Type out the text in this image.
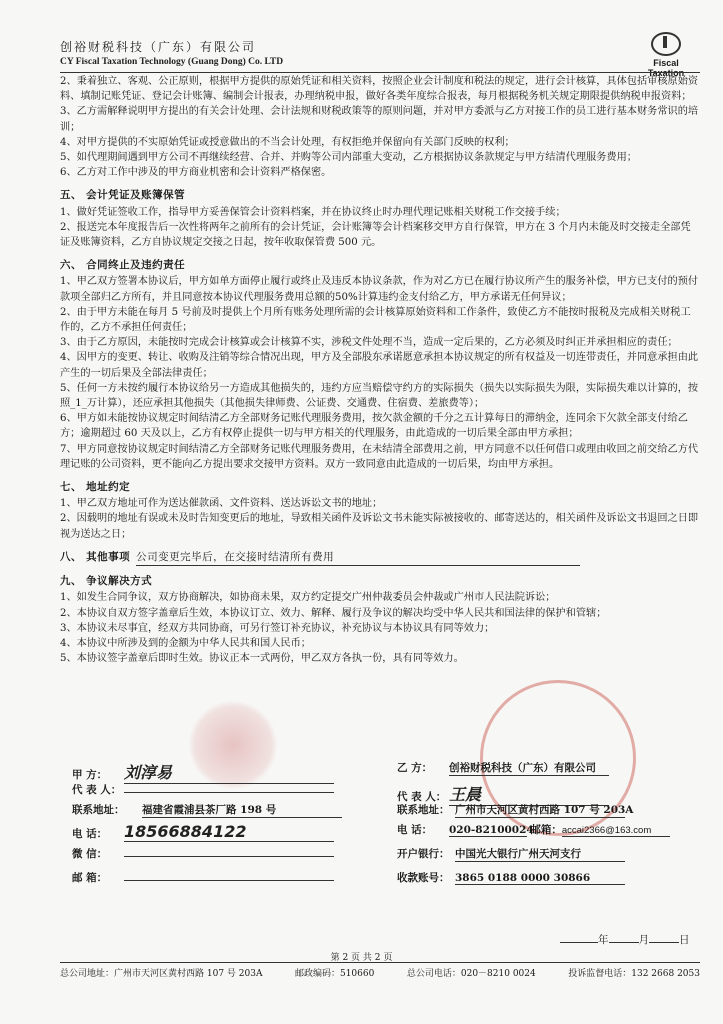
创裕财税科技（广东）有限公司
CY Fiscal Taxation Technology (Guang Dong) Co. LTD	Fiscal Taxation

2、秉着独立、客观、公正原则，根据甲方提供的原始凭证和相关资料，按照企业会计制度和税法的规定，进行会计核算，具体包括审核原始资料、填制记账凭证、登记会计账簿、编制会计报表，办理纳税申报，做好各类年度综合报表，每月根据税务机关规定期限提供纳税申报资料；

3、乙方需解释说明甲方提出的有关会计处理、会计法规和财税政策等的原则问题，并对甲方委派与乙方对接工作的员工进行基本财务常识的培训；

4、对甲方提供的不实原始凭证或授意做出的不当会计处理，有权拒绝并保留向有关部门反映的权利；

5、如代理期间遇到甲方公司不再继续经营、合并、并购等公司内部重大变动，乙方根据协议条款规定与甲方结清代理服务费用；

6、乙方对工作中涉及的甲方商业机密和会计资料严格保密。

五、 会计凭证及账簿保管

1、做好凭证签收工作，指导甲方妥善保管会计资料档案，并在协议终止时办理代理记账相关财税工作交接手续；

2、报送完本年度报告后一次性将两年之前所有的会计凭证，会计账簿等会计档案移交甲方自行保管，甲方在 3 个月内未能及时交接走全部凭证及账簿资料，乙方自协议规定交接之日起，按年收取保管费 500 元。

六、 合同终止及违约责任

1、甲乙双方签署本协议后，甲方如单方面停止履行或终止及违反本协议条款，作为对乙方已在履行协议所产生的服务补偿，甲方已支付的预付款项全部归乙方所有，并且同意按本协议代理服务费用总额的50%计算违约金支付给乙方，甲方承诺无任何异议；

2、由于甲方未能在每月 5 号前及时提供上个月所有账务处理所需的会计核算原始资料和工作条件，致使乙方不能按时报税及完成相关财税工作的，乙方不承担任何责任；

3、由于乙方原因，未能按时完成会计核算或会计核算不实，涉税文件处理不当，造成一定后果的，乙方必须及时纠正并承担相应的责任；

4、因甲方的变更、转让、收购及注销等综合情况出现，甲方及全部股东承诺愿意承担本协议规定的所有权益及一切连带责任，并同意承担由此产生的一切后果及全部法律责任；

5、任何一方未按约履行本协议给另一方造成其他损失的，违约方应当赔偿守约方的实际损失（损失以实际损失为限，实际损失难以计算的，按照_1_万计算），还应承担其他损失（其他损失律师费、公证费、交通费、住宿费、差旅费等）；

6、甲方如未能按协议规定时间结清乙方全部财务记账代理服务费用，按欠款金额的千分之五计算每日的滞纳金，连同余下欠款全部支付给乙方；逾期超过 60 天及以上，乙方有权停止提供一切与甲方相关的代理服务，由此造成的一切后果全部由甲方承担；

7、甲方同意按协议规定时间结清乙方全部财务记账代理服务费用，在未结清全部费用之前，甲方同意不以任何借口或理由收回之前交给乙方代理记账的公司资料，更不能向乙方提出要求交接甲方资料。双方一致同意由此造成的一切后果，均由甲方承担。

七、 地址约定

1、甲乙双方地址可作为送达催款函、文件资料、送达诉讼文书的地址；

2、因载明的地址有误或未及时告知变更后的地址，导致相关函件及诉讼文书未能实际被接收的、邮寄送达的，相关函件及诉讼文书退回之日即视为送达之日；

八、 其他事项 公司变更完毕后，在交接时结清所有费用
九、 争议解决方式

1、如发生合同争议，双方协商解决，如协商未果，双方约定提交广州仲裁委员会仲裁或广州市人民法院诉讼；

2、本协议自双方签字盖章后生效，本协议订立、效力、解释、履行及争议的解决均受中华人民共和国法律的保护和管辖；

3、本协议未尽事宜，经双方共同协商，可另行签订补充协议，补充协议与本协议具有同等效力；

4、本协议中所涉及到的金额为中华人民共和国人民币；

5、本协议签字盖章后即时生效。协议正本一式两份，甲乙双方各执一份，具有同等效力。

甲 方： 刘淳易
代 表 人：
联系地址： 福建省霞浦县茶厂路 198 号
电 话： 18566884122
微 信：
邮 箱：
乙 方： 创裕财税科技（广东）有限公司
代 表 人： 王晨
联系地址： 广州市天河区黄村西路 107 号 203A
电 话： 020-82100024 邮箱：accai2366@163.com
开户银行： 中国光大银行广州天河支行
收款账号： 3865 0188 0000 30866
年	月	日
第 2 页 共 2 页
总公司地址：广州市天河区黄村西路 107 号 203A	邮政编码：510660	总公司电话：020－8210 0024	投诉监督电话：132 2668 2053
